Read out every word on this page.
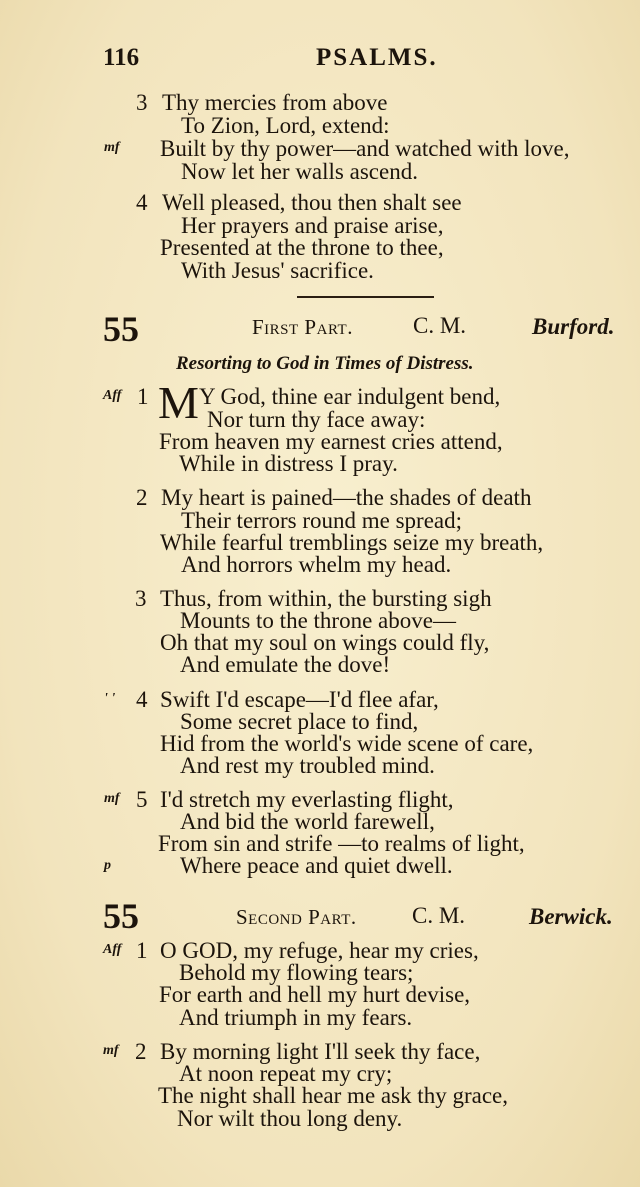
116	PSALMS.
3 Thy mercies from above
To Zion, Lord, extend:
mf Built by thy power—and watched with love,
Now let her walls ascend.
4 Well pleased, thou then shalt see
Her prayers and praise arise,
Presented at the throne to thee,
With Jesus' sacrifice.
55	First Part.	C. M.	Burford.
Resorting to God in Times of Distress.
Aff 1 M Y God, thine ear indulgent bend,
Nor turn thy face away:
From heaven my earnest cries attend,
While in distress I pray.
2 My heart is pained—the shades of death
Their terrors round me spread;
While fearful tremblings seize my breath,
And horrors whelm my head.
3 Thus, from within, the bursting sigh
Mounts to the throne above—
Oh that my soul on wings could fly,
And emulate the dove!
' ' 4 Swift I'd escape—I'd flee afar,
Some secret place to find,
Hid from the world's wide scene of care,
And rest my troubled mind.
mf 5 I'd stretch my everlasting flight,
And bid the world farewell,
From sin and strife —to realms of light,
p	Where peace and quiet dwell.
55	Second Part. C. M.	Berwick.
Aff 1 O GOD, my refuge, hear my cries,
Behold my flowing tears;
For earth and hell my hurt devise,
And triumph in my fears.
mf 2 By morning light I'll seek thy face,
At noon repeat my cry;
The night shall hear me ask thy grace,
Nor wilt thou long deny.
